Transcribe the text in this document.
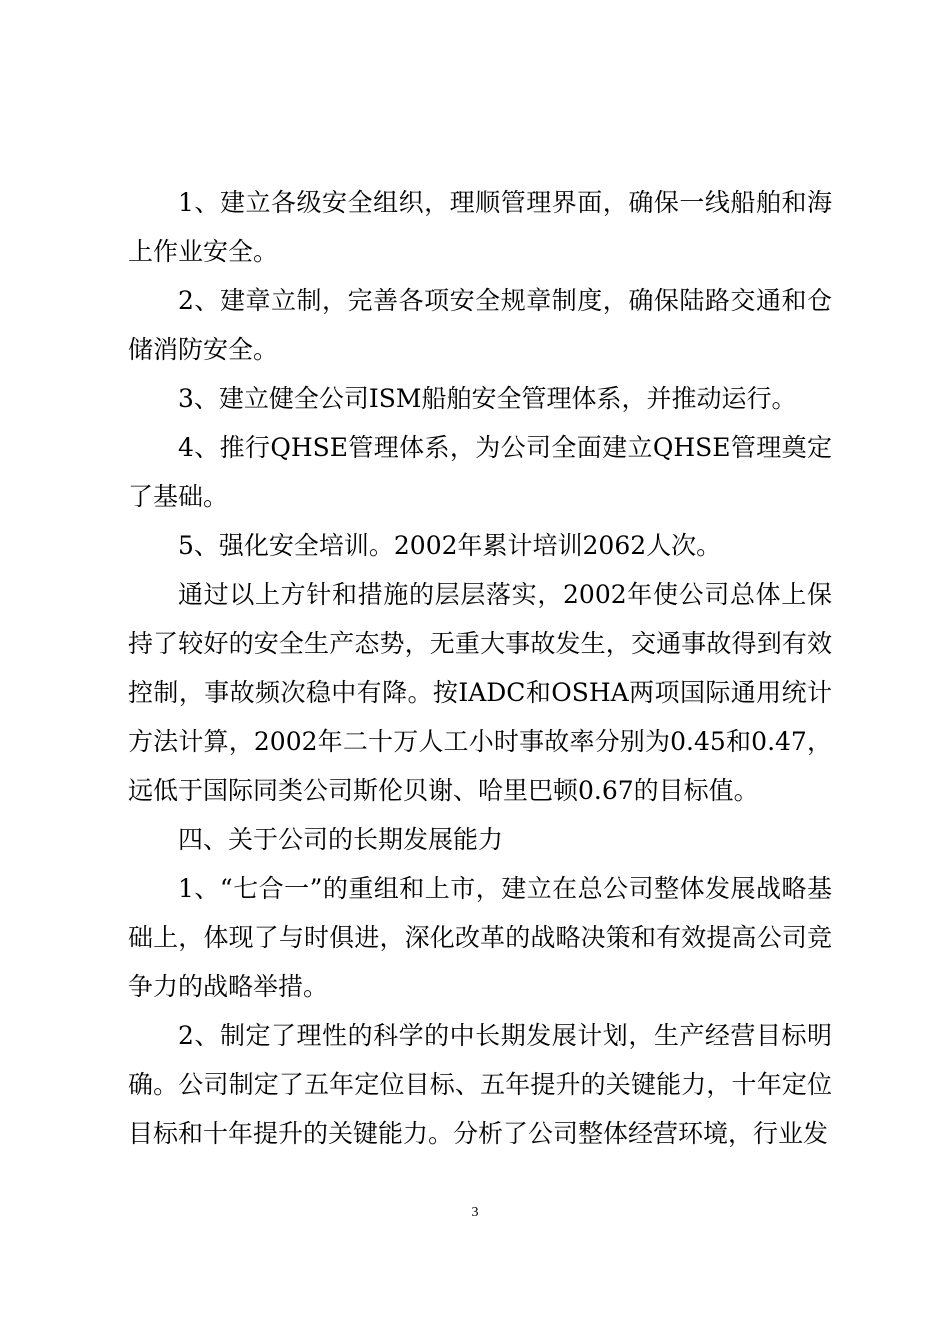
1、建立各级安全组织，理顺管理界面，确保一线船舶和海上作业安全。

2、建章立制，完善各项安全规章制度，确保陆路交通和仓储消防安全。

3、建立健全公司ISM船舶安全管理体系，并推动运行。

4、推行QHSE管理体系，为公司全面建立QHSE管理奠定了基础。

5、强化安全培训。2002年累计培训2062人次。

通过以上方针和措施的层层落实，2002年使公司总体上保持了较好的安全生产态势，无重大事故发生，交通事故得到有效控制，事故频次稳中有降。按IADC和OSHA两项国际通用统计方法计算，2002年二十万人工小时事故率分别为0.45和0.47，远低于国际同类公司斯伦贝谢、哈里巴顿0.67的目标值。

四、关于公司的长期发展能力

1、“七合一”的重组和上市，建立在总公司整体发展战略基础上，体现了与时俱进，深化改革的战略决策和有效提高公司竞争力的战略举措。

2、制定了理性的科学的中长期发展计划，生产经营目标明确。公司制定了五年定位目标、五年提升的关键能力，十年定位目标和十年提升的关键能力。分析了公司整体经营环境，行业发

3
